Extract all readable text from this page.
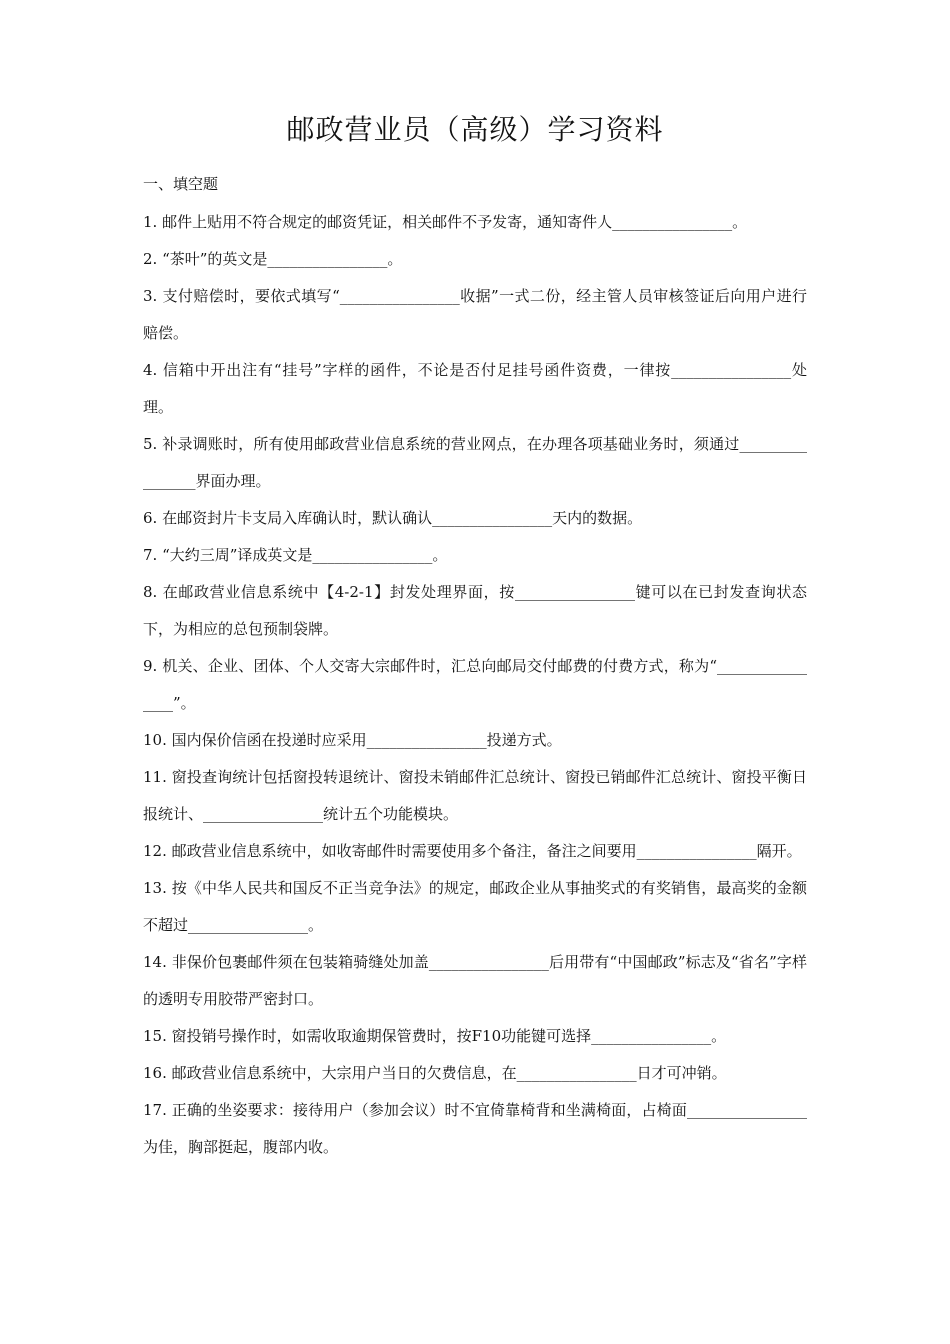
邮政营业员（高级）学习资料
一、填空题

1. 邮件上贴用不符合规定的邮资凭证，相关邮件不予发寄，通知寄件人________________。

2. “茶叶”的英文是________________。

3. 支付赔偿时，要依式填写“________________收据”一式二份，经主管人员审核签证后向用户进行赔偿。

4. 信箱中开出注有“挂号”字样的函件，不论是否付足挂号函件资费，一律按________________处理。

5. 补录调账时，所有使用邮政营业信息系统的营业网点，在办理各项基础业务时，须通过________________界面办理。

6. 在邮资封片卡支局入库确认时，默认确认________________天内的数据。

7. “大约三周”译成英文是________________。

8. 在邮政营业信息系统中【4-2-1】封发处理界面，按________________键可以在已封发查询状态下，为相应的总包预制袋牌。

9. 机关、企业、团体、个人交寄大宗邮件时，汇总向邮局交付邮费的付费方式，称为“________________”。

10. 国内保价信函在投递时应采用________________投递方式。

11. 窗投查询统计包括窗投转退统计、窗投未销邮件汇总统计、窗投已销邮件汇总统计、窗投平衡日报统计、________________统计五个功能模块。

12. 邮政营业信息系统中，如收寄邮件时需要使用多个备注，备注之间要用________________隔开。

13. 按《中华人民共和国反不正当竞争法》的规定，邮政企业从事抽奖式的有奖销售，最高奖的金额不超过________________。

14. 非保价包裹邮件须在包装箱骑缝处加盖________________后用带有“中国邮政”标志及“省名”字样的透明专用胶带严密封口。

15. 窗投销号操作时，如需收取逾期保管费时，按F10功能键可选择________________。

16. 邮政营业信息系统中，大宗用户当日的欠费信息，在________________日才可冲销。

17. 正确的坐姿要求：接待用户（参加会议）时不宜倚靠椅背和坐满椅面，占椅面________________为佳，胸部挺起，腹部内收。
